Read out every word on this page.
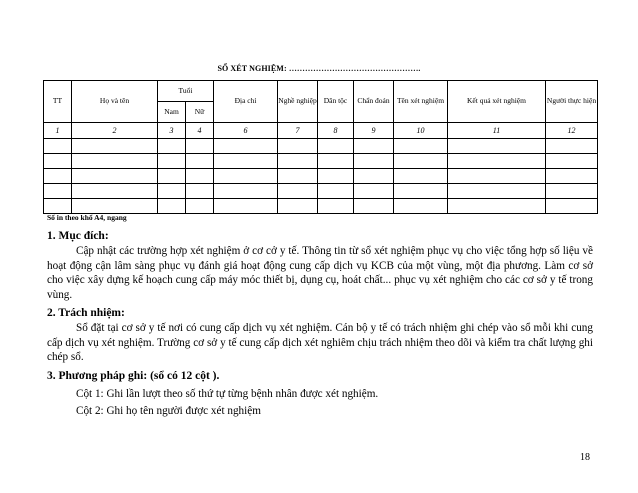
SỔ XÉT NGHIỆM: ………………………………………….
TT	Họ và tên	Tuổi		Địa chỉ	Nghề nghiệp	Dân tộc	Chẩn đoán	Tên xét nghiệm	Kết quả xét nghiệm	Người thực hiện
		Nam	Nữ							
1	2	3	4	6	7	8	9	10	11	12

Sổ in theo khổ A4, ngang
1. Mục đích:

Cập nhật các trường hợp xét nghiệm ở cơ cở y tế. Thông tin từ sổ xét nghiệm phục vụ cho việc tổng hợp số liệu về hoạt động cận lâm sàng phục vụ đánh giá hoạt động cung cấp dịch vụ KCB của một vùng, một địa phương. Làm cơ sở cho việc xây dựng kế hoạch cung cấp máy móc thiết bị, dụng cụ, hoát chất... phục vụ xét nghiệm cho các cơ sở y tế trong vùng.

2. Trách nhiệm:

Sổ đặt tại cơ sở y tế nơi có cung cấp dịch vụ xét nghiệm. Cán bộ y tế có trách nhiệm ghi chép vào sổ mỗi khi cung cấp dịch vụ xét nghiệm. Trường cơ sở y tế cung cấp dịch xét nghiêm chịu trách nhiệm theo dõi và kiểm tra chất lượng ghi chép sổ.

3. Phương pháp ghi: (sổ có 12 cột ).

Cột 1: Ghi lần lượt theo số thứ tự từng bệnh nhân được xét nghiệm.

Cột 2: Ghi họ tên người được xét nghiệm

18
